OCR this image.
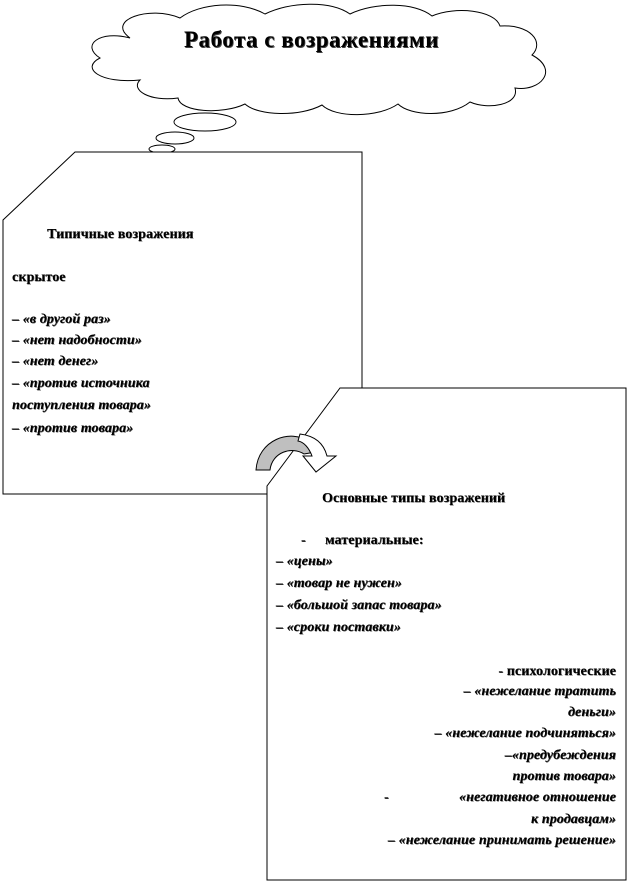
Работа с возражениями
Типичные возражения
скрытое
– «в другой раз»
– «нет надобности»
– «нет денег»
– «против источника
поступления товара»
– «против товара»
Основные типы возражений
- материальные:
– «цены»
– «товар не нужен»
– «большой запас товара»
– «сроки поставки»
- психологические
– «нежелание тратить
деньги»
– «нежелание подчиняться»
–«предубеждения
против товара»
-	«негативное отношение
к продавцам»
– «нежелание принимать решение»
